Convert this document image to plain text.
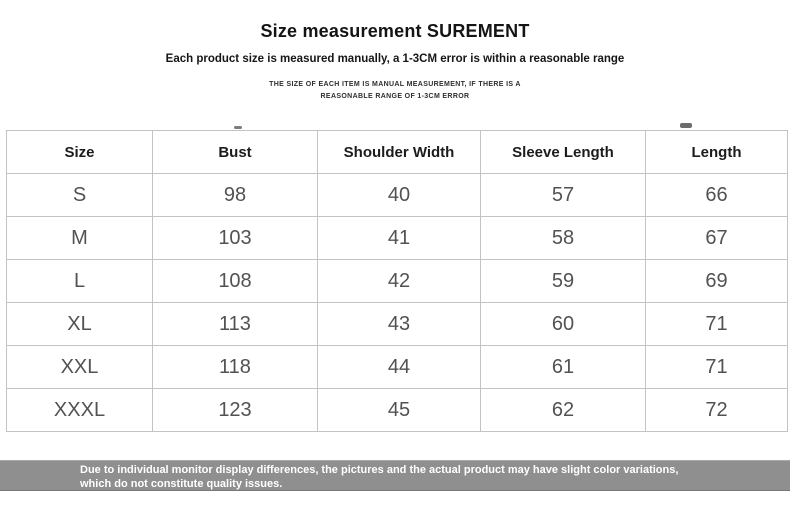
Size measurement SUREMENT
Each product size is measured manually, a 1-3CM error is within a reasonable range
THE SIZE OF EACH ITEM IS MANUAL MEASUREMENT, IF THERE IS A
REASONABLE RANGE OF 1-3CM ERROR
Size	Bust	Shoulder Width	Sleeve Length	Length
S	98	40	57	66
M	103	41	58	67
L	108	42	59	69
XL	113	43	60	71
XXL	118	44	61	71
XXXL	123	45	62	72
Due to individual monitor display differences, the pictures and the actual product may have slight color variations,
which do not constitute quality issues.
